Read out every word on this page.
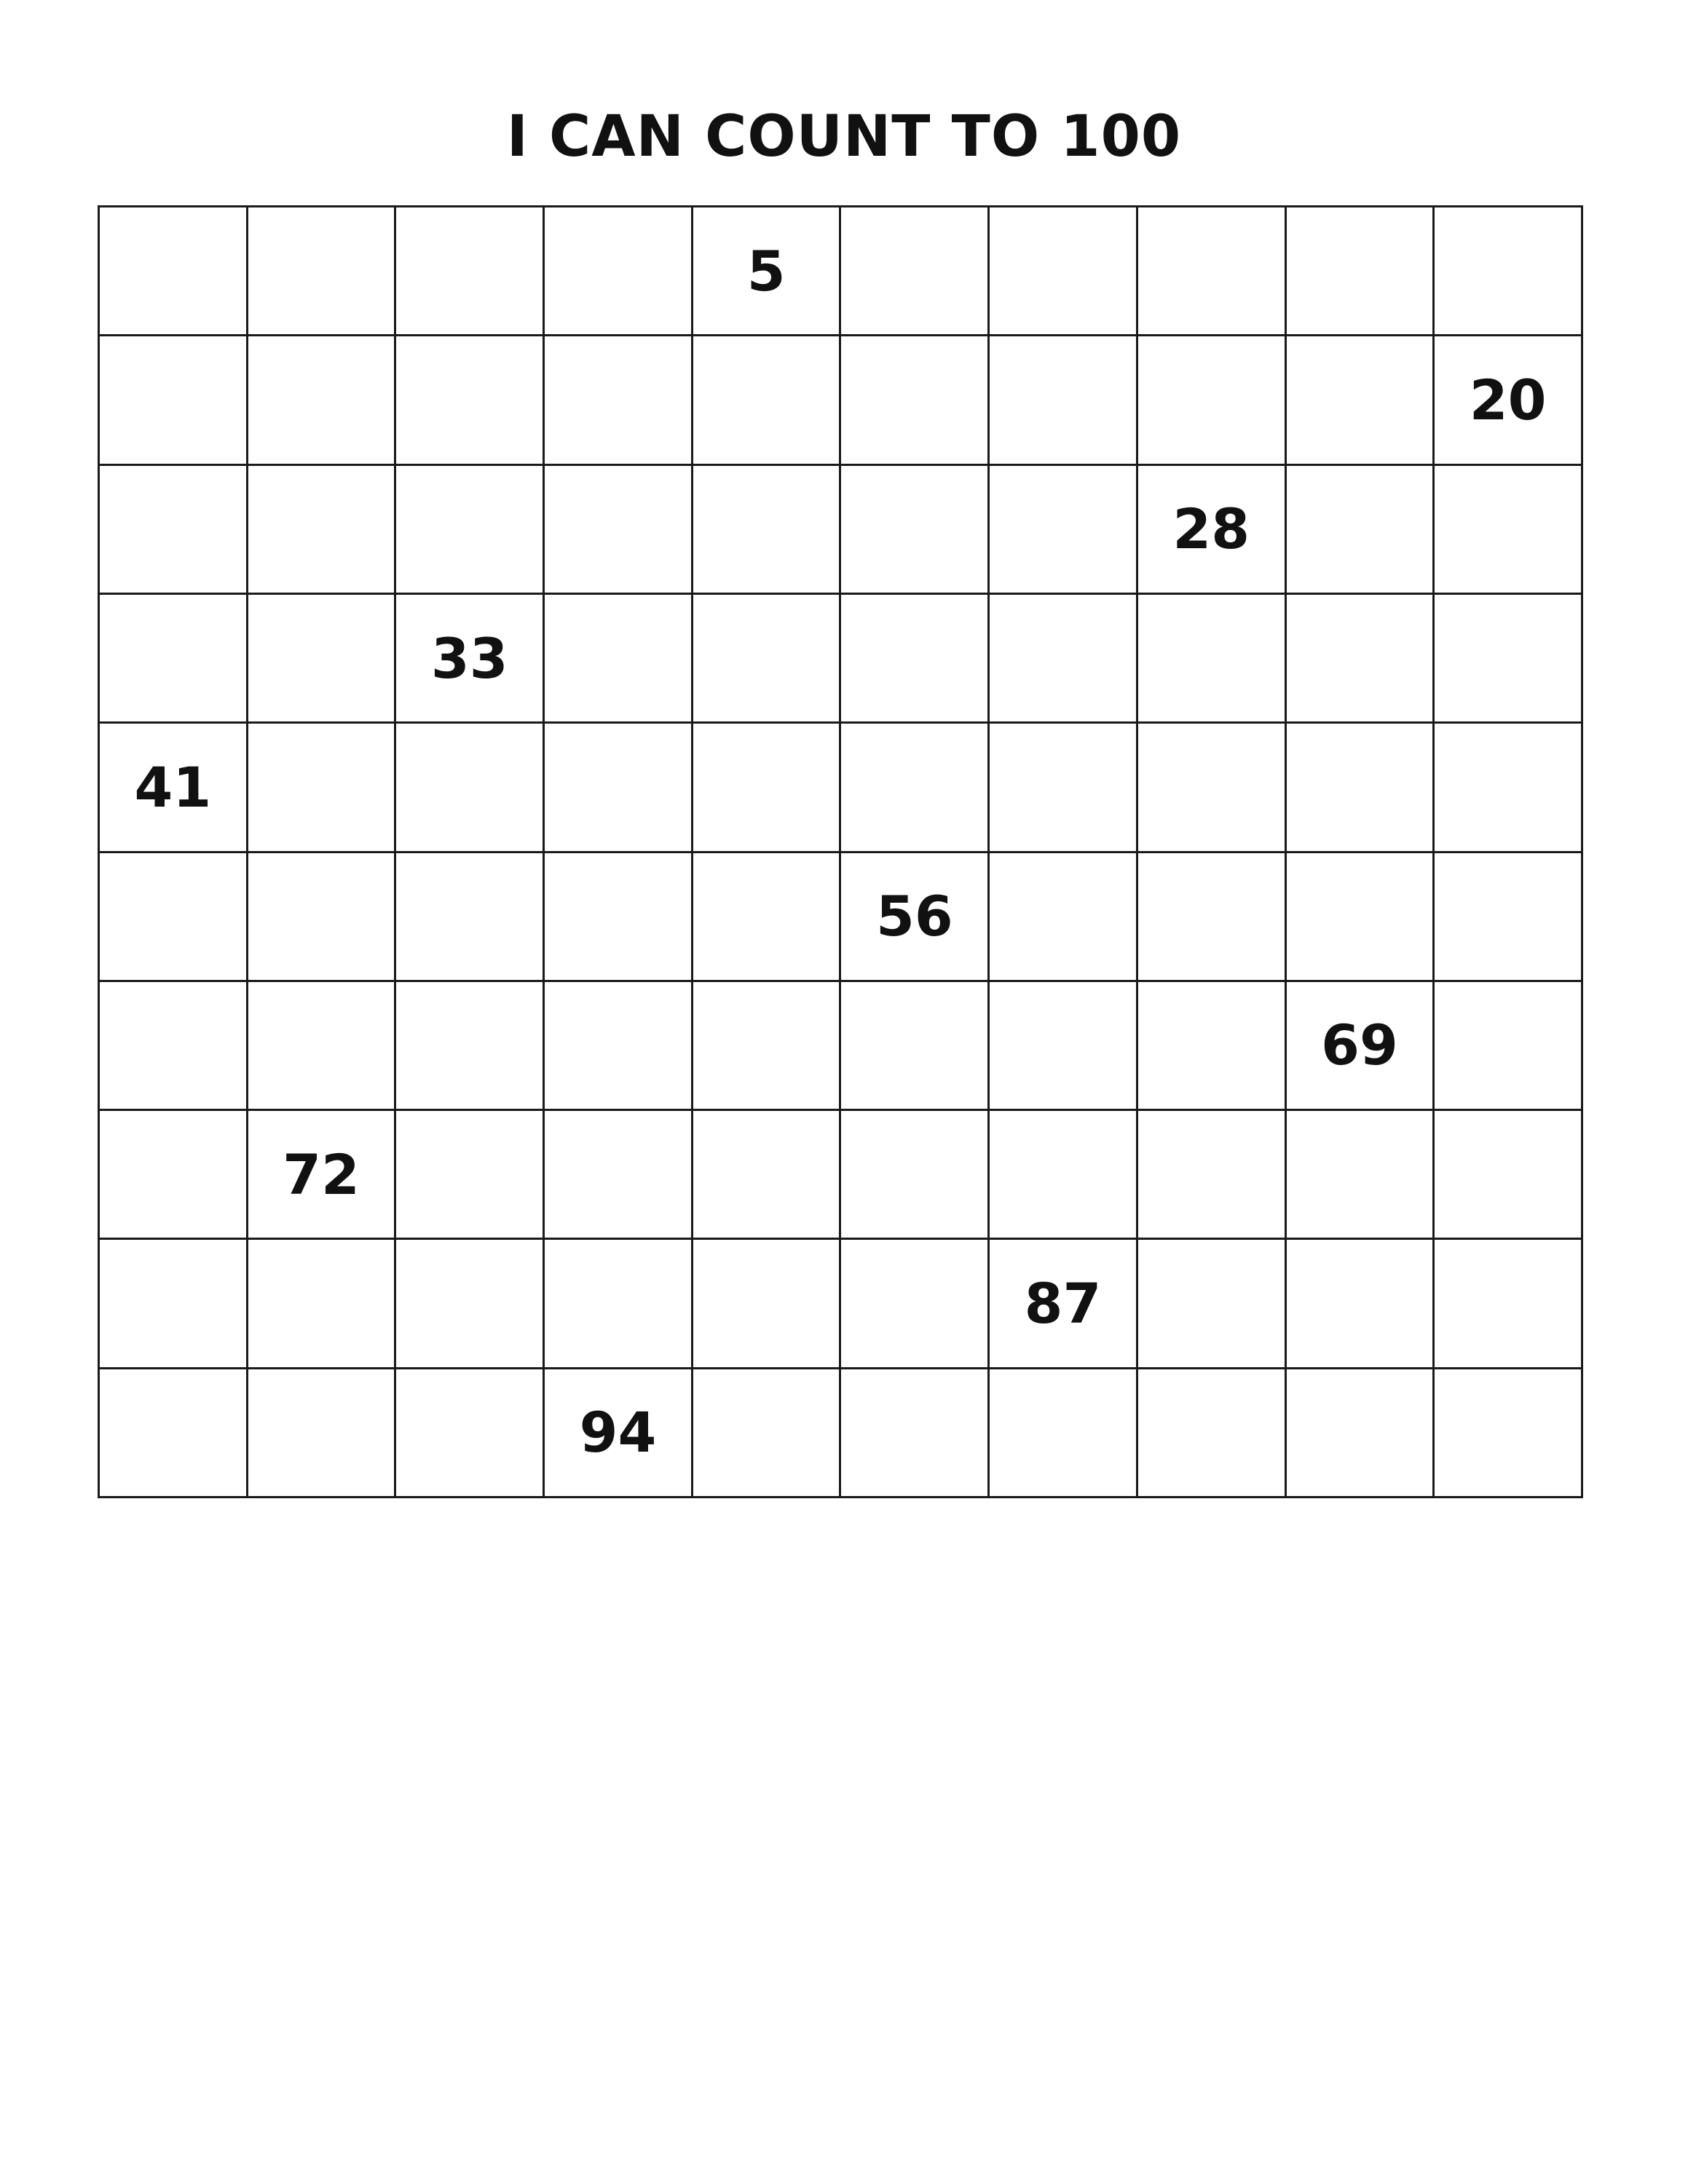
I CAN COUNT TO 100
5
20
28
33
41
56
69
72
87
94
